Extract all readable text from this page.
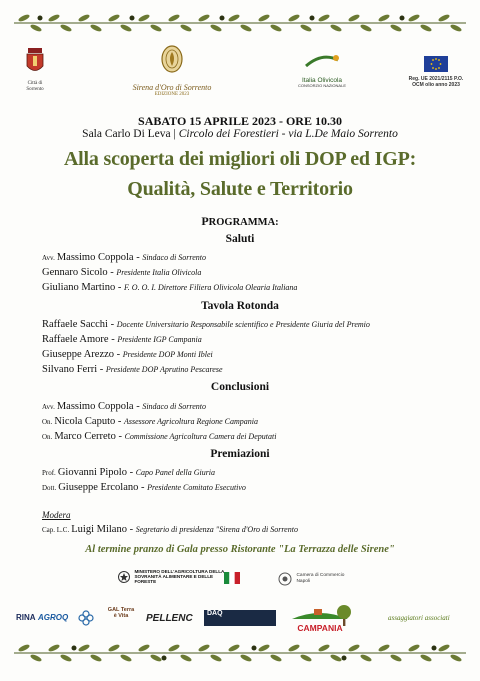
Città di Sorrento	Sirena d'Oro di Sorrento
EDIZIONE 2023
Italia Olivicola
CONSORZIO NAZIONALE
Reg. UE 2021/2115 P.O.
OCM olio anno 2023
SABATO 15 APRILE 2023 - ORE 10.30
Sala Carlo Di Leva | Circolo dei Forestieri - via L.De Maio Sorrento
Alla scoperta dei migliori oli DOP ed IGP:
Qualità, Salute e Territorio
PROGRAMMA:
Saluti
Avv. Massimo Coppola - Sindaco di Sorrento
Gennaro Sicolo - Presidente Italia Olivicola
Giuliano Martino - F. O. O. I. Direttore Filiera Olivicola Olearia Italiana
Tavola Rotonda
Raffaele Sacchi - Docente Universitario Responsabile scientifico e Presidente Giuria del Premio
Raffaele Amore - Presidente IGP Campania
Giuseppe Arezzo - Presidente DOP Monti Iblei
Silvano Ferri - Presidente DOP Aprutino Pescarese
Conclusioni
Avv. Massimo Coppola - Sindaco di Sorrento
On. Nicola Caputo - Assessore Agricoltura Regione Campania
On. Marco Cerreto - Commissione Agricoltura Camera dei Deputati
Premiazioni
Prof. Giovanni Pipolo - Capo Panel della Giuria
Dott. Giuseppe Ercolano - Presidente Comitato Esecutivo
Modera
Cap. L.C. Luigi Milano - Segretario di presidenza "Sirena d'Oro di Sorrento
Al termine pranzo di Gala presso Ristorante "La Terrazza delle Sirene"
MINISTERO DELL'AGRICOLTURA DELLA SOVRANITÀ ALIMENTARE E DELLE FORESTE
Camera di Commercio Napoli
RINA AGROQ
GAL Terra è Vita	PELLENC	DAQ
CAMPANIA
assaggiatori associati
